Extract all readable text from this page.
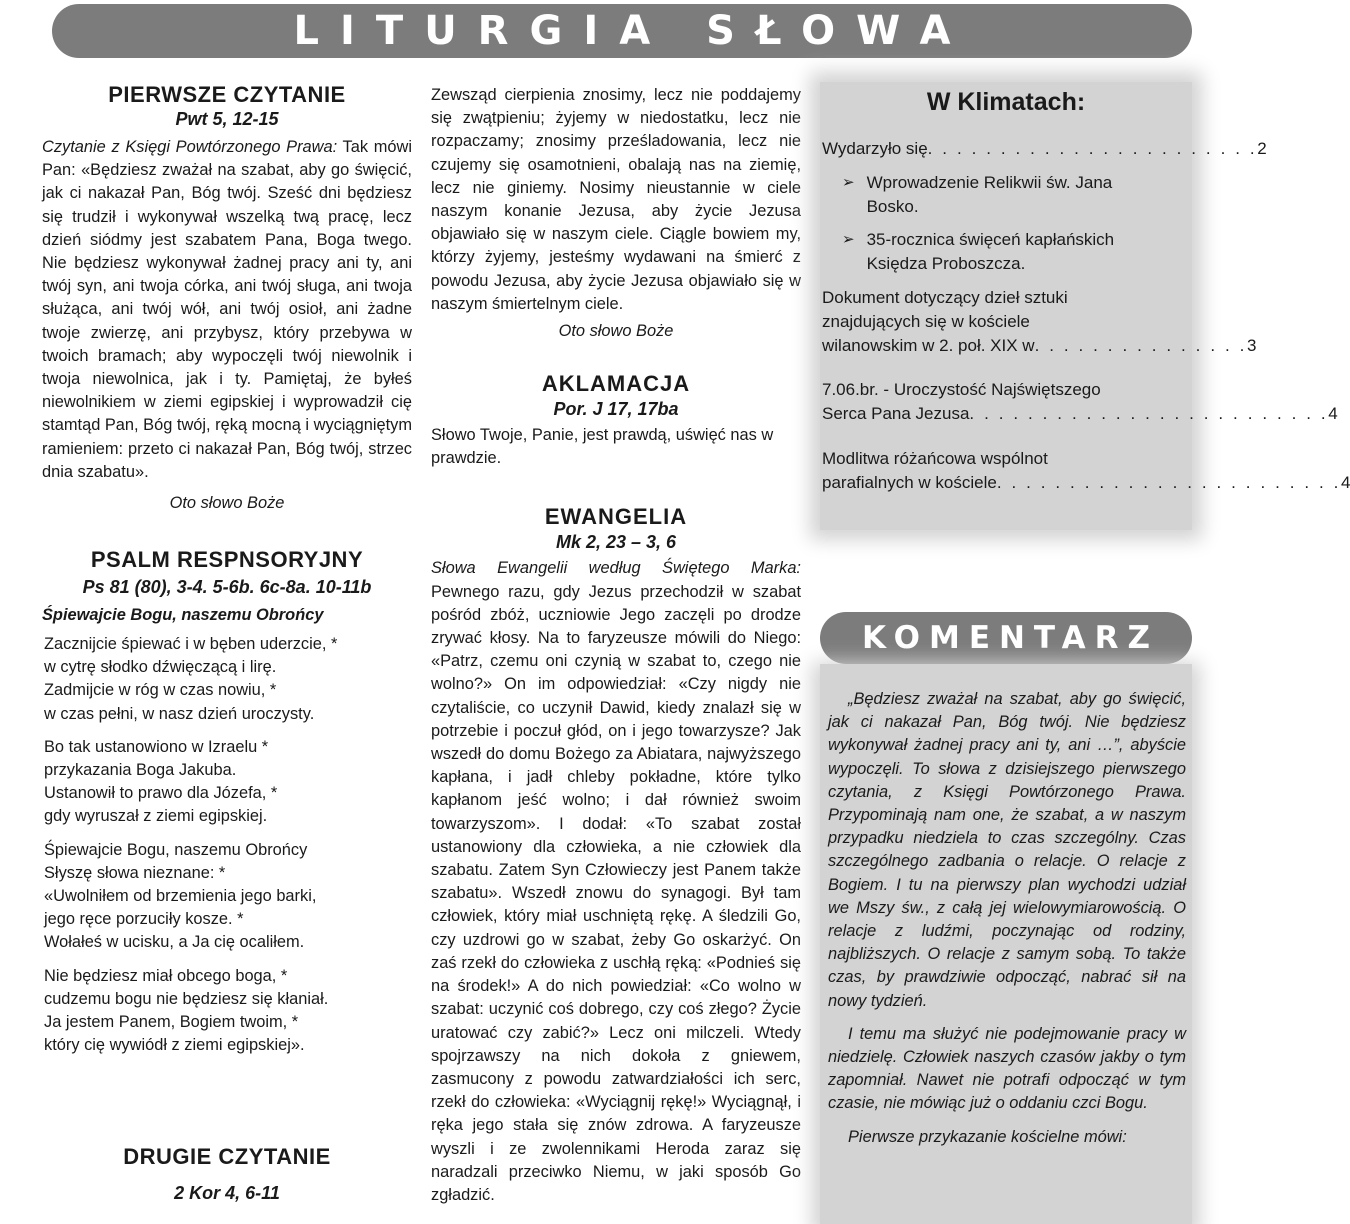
LITURGIA SŁOWA
PIERWSZE CZYTANIE
Pwt 5, 12-15
Czytanie z Księgi Powtórzonego Prawa: Tak mówi Pan: «Będziesz zważał na szabat, aby go święcić, jak ci nakazał Pan, Bóg twój. Sześć dni będziesz się trudził i wykonywał wszelką twą pracę, lecz dzień siódmy jest szabatem Pana, Boga twego. Nie będziesz wykonywał żadnej pracy ani ty, ani twój syn, ani twoja córka, ani twój sługa, ani twoja służąca, ani twój wół, ani twój osioł, ani żadne twoje zwierzę, ani przybysz, który przebywa w twoich bramach; aby wypoczęli twój niewolnik i twoja niewolnica, jak i ty. Pamiętaj, że byłeś niewolnikiem w ziemi egipskiej i wyprowadził cię stamtąd Pan, Bóg twój, ręką mocną i wyciągniętym ramieniem: przeto ci nakazał Pan, Bóg twój, strzec dnia szabatu».
Oto słowo Boże
PSALM RESPNSORYJNY
Ps 81 (80), 3-4. 5-6b. 6c-8a. 10-11b
Śpiewajcie Bogu, naszemu Obrońcy
Zacznijcie śpiewać i w bęben uderzcie, *
w cytrę słodko dźwięczącą i lirę.
Zadmijcie w róg w czas nowiu, *
w czas pełni, w nasz dzień uroczysty.
Bo tak ustanowiono w Izraelu *
przykazania Boga Jakuba.
Ustanowił to prawo dla Józefa, *
gdy wyruszał z ziemi egipskiej.
Śpiewajcie Bogu, naszemu Obrońcy
Słyszę słowa nieznane: *
«Uwolniłem od brzemienia jego barki,
jego ręce porzuciły kosze. *
Wołałeś w ucisku, a Ja cię ocaliłem.
Nie będziesz miał obcego boga, *
cudzemu bogu nie będziesz się kłaniał.
Ja jestem Panem, Bogiem twoim, *
który cię wywiódł z ziemi egipskiej».
DRUGIE CZYTANIE
2 Kor 4, 6-11
Zewsząd cierpienia znosimy, lecz nie poddajemy się zwątpieniu; żyjemy w niedostatku, lecz nie rozpaczamy; znosimy prześladowania, lecz nie czujemy się osamotnieni, obalają nas na ziemię, lecz nie giniemy. Nosimy nieustannie w ciele naszym konanie Jezusa, aby życie Jezusa objawiało się w naszym ciele. Ciągle bowiem my, którzy żyjemy, jesteśmy wydawani na śmierć z powodu Jezusa, aby życie Jezusa objawiało się w naszym śmiertelnym ciele.
Oto słowo Boże
AKLAMACJA
Por. J 17, 17ba
Słowo Twoje, Panie, jest prawdą, uświęć nas w prawdzie.
EWANGELIA
Mk 2, 23 – 3, 6
Słowa Ewangelii według Świętego Marka: Pewnego razu, gdy Jezus przechodził w szabat pośród zbóż, uczniowie Jego zaczęli po drodze zrywać kłosy. Na to faryzeusze mówili do Niego: «Patrz, czemu oni czynią w szabat to, czego nie wolno?» On im odpowiedział: «Czy nigdy nie czytaliście, co uczynił Dawid, kiedy znalazł się w potrzebie i poczuł głód, on i jego towarzysze? Jak wszedł do domu Bożego za Abiatara, najwyższego kapłana, i jadł chleby pokładne, które tylko kapłanom jeść wolno; i dał również swoim towarzyszom». I dodał: «To szabat został ustanowiony dla człowieka, a nie człowiek dla szabatu. Zatem Syn Człowieczy jest Panem także szabatu». Wszedł znowu do synagogi. Był tam człowiek, który miał uschniętą rękę. A śledzili Go, czy uzdrowi go w szabat, żeby Go oskarżyć. On zaś rzekł do człowieka z uschłą ręką: «Podnieś się na środek!» A do nich powiedział: «Co wolno w szabat: uczynić coś dobrego, czy coś złego? Życie uratować czy zabić?» Lecz oni milczeli. Wtedy spojrzawszy na nich dokoła z gniewem, zasmucony z powodu zatwardziałości ich serc, rzekł do człowieka: «Wyciągnij rękę!» Wyciągnął, i ręka jego stała się znów zdrowa. A faryzeusze wyszli i ze zwolennikami Heroda zaraz się naradzali przeciwko Niemu, w jaki sposób Go zgładzić.
W Klimatach:
Wydarzyło się . . . . . . . . . . . . . . . . . . . . . . . 2
➢ Wprowadzenie Relikwii św. Jana Bosko.
➢ 35-rocznica święceń kapłańskich Księdza Proboszcza.
Dokument dotyczący dzieł sztuki
znajdujących się w kościele
wilanowskim w 2. poł. XIX w . . . . . . . . . . . . . . . 3
7.06.br. - Uroczystość Najświętszego
Serca Pana Jezusa . . . . . . . . . . . . . . . . . . . . . . . . . 4
Modlitwa różańcowa wspólnot
parafialnych w kościele . . . . . . . . . . . . . . . . . . . . . . . . 4
KOMENTARZ

„Będziesz zważał na szabat, aby go święcić, jak ci nakazał Pan, Bóg twój. Nie będziesz wykonywał żadnej pracy ani ty, ani …”, abyście wypoczęli. To słowa z dzisiejszego pierwszego czytania, z Księgi Powtórzonego Prawa. Przypominają nam one, że szabat, a w naszym przypadku niedziela to czas szczególny. Czas szczególnego zadbania o relacje. O relacje z Bogiem. I tu na pierwszy plan wychodzi udział we Mszy św., z całą jej wielowymiarowością. O relacje z ludźmi, poczynając od rodziny, najbliższych. O relacje z samym sobą. To także czas, by prawdziwie odpocząć, nabrać sił na nowy tydzień.

I temu ma służyć nie podejmowanie pracy w niedzielę. Człowiek naszych czasów jakby o tym zapomniał. Nawet nie potrafi odpocząć w tym czasie, nie mówiąc już o oddaniu czci Bogu.

Pierwsze przykazanie kościelne mówi:
